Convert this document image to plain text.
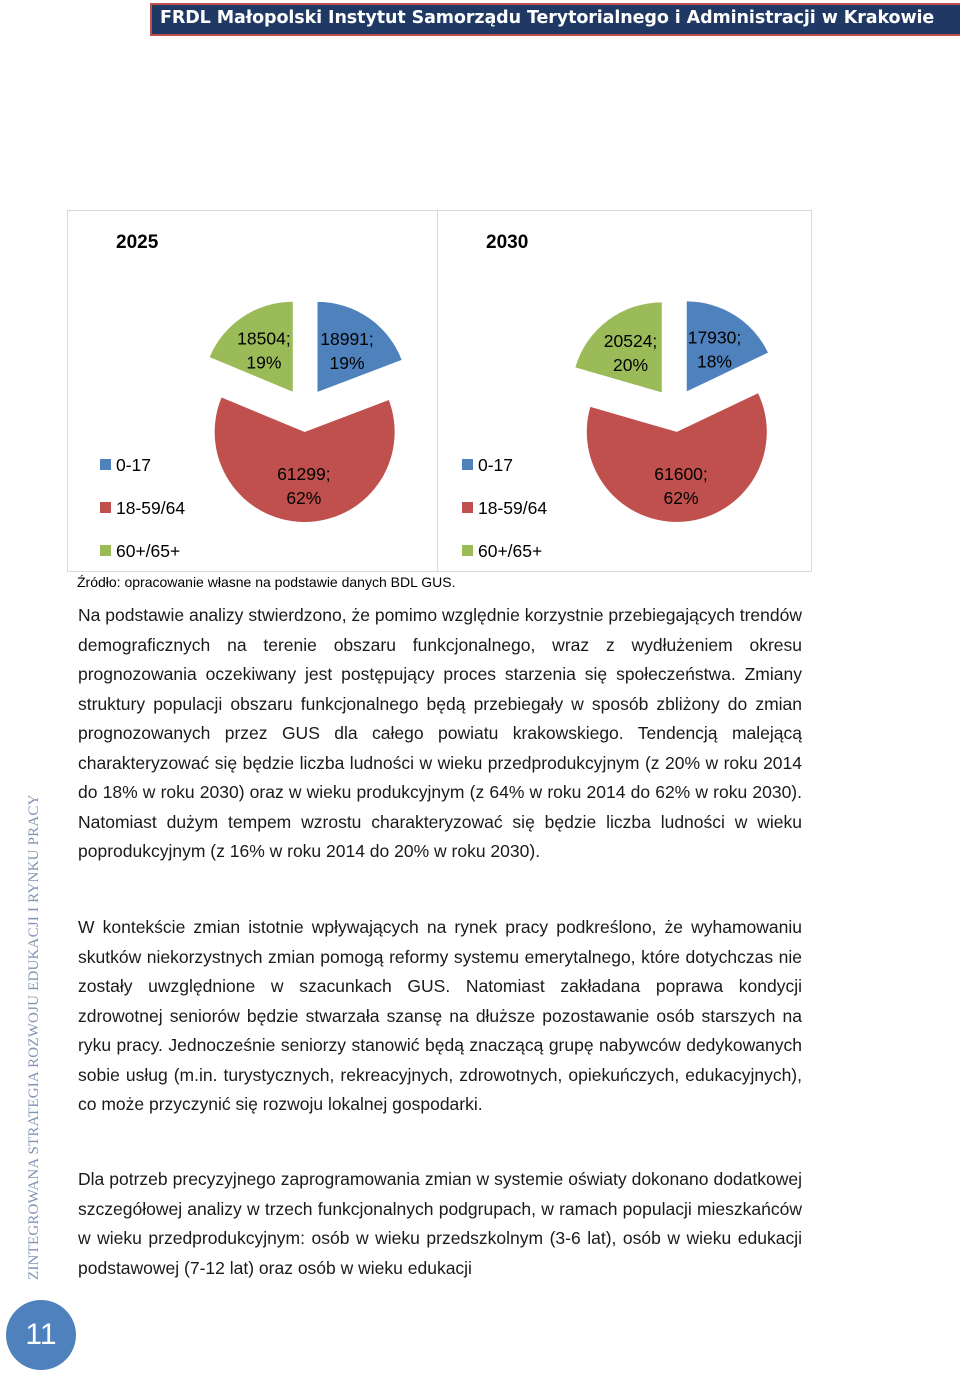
FRDL Małopolski Instytut Samorządu Terytorialnego i Administracji w Krakowie
2025	2030
18991; 19%
61299; 62%
18504; 19%
17930; 18%
61600; 62%
20524; 20%
0-17
18-59/64
60+/65+
0-17
18-59/64
60+/65+
Źródło: opracowanie własne na podstawie danych BDL GUS.

Na podstawie analizy stwierdzono, że pomimo względnie korzystnie przebiegających trendów demograficznych na terenie obszaru funkcjonalnego, wraz z wydłużeniem okresu prognozowania oczekiwany jest postępujący proces starzenia się społeczeństwa. Zmiany struktury populacji obszaru funkcjonalnego będą przebiegały w sposób zbliżony do zmian prognozowanych przez GUS dla całego powiatu krakowskiego. Tendencją malejącą charakteryzować się będzie liczba ludności w wieku przedprodukcyjnym (z 20% w roku 2014 do 18% w roku 2030) oraz w wieku produkcyjnym (z 64% w roku 2014 do 62% w roku 2030). Natomiast dużym tempem wzrostu charakteryzować się będzie liczba ludności w wieku poprodukcyjnym (z 16% w roku 2014 do 20% w roku 2030).

W kontekście zmian istotnie wpływających na rynek pracy podkreślono, że wyhamowaniu skutków niekorzystnych zmian pomogą reformy systemu emerytalnego, które dotychczas nie zostały uwzględnione w szacunkach GUS. Natomiast zakładana poprawa kondycji zdrowotnej seniorów będzie stwarzała szansę na dłuższe pozostawanie osób starszych na ryku pracy. Jednocześnie seniorzy stanowić będą znaczącą grupę nabywców dedykowanych sobie usług (m.in. turystycznych, rekreacyjnych, zdrowotnych, opiekuńczych, edukacyjnych), co może przyczynić się rozwoju lokalnej gospodarki.

Dla potrzeb precyzyjnego zaprogramowania zmian w systemie oświaty dokonano dodatkowej szczegółowej analizy w trzech funkcjonalnych podgrupach, w ramach populacji mieszkańców w wieku przedprodukcyjnym: osób w wieku przedszkolnym (3-6 lat), osób w wieku edukacji podstawowej (7-12 lat) oraz osób w wieku edukacji

ZINTEGROWANA STRATEGIA ROZWOJU EDUKACJI I RYNKU PRACY
11
